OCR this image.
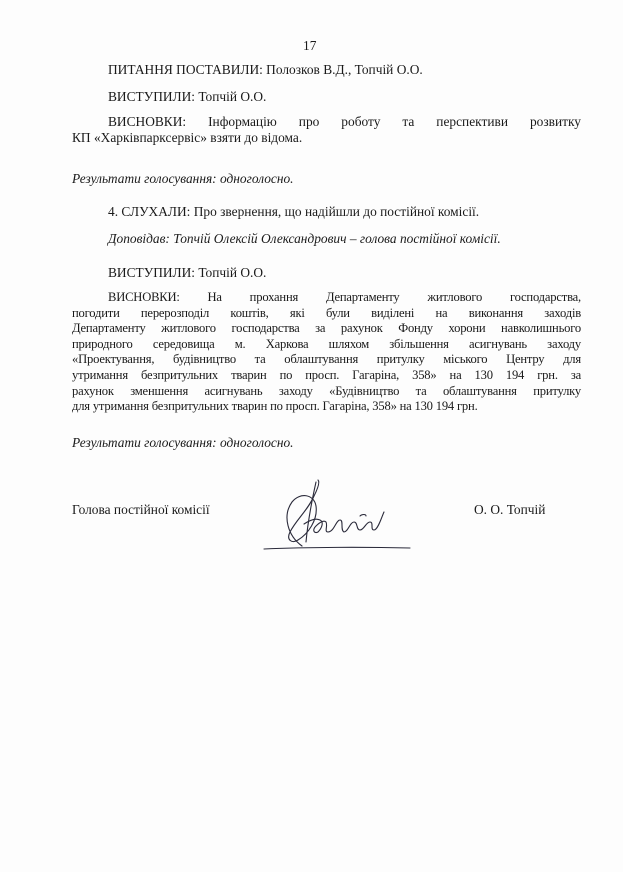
17
ПИТАННЯ ПОСТАВИЛИ: Полозков В.Д., Топчій О.О.
ВИСТУПИЛИ: Топчій О.О.
ВИСНОВКИ: Інформацію про роботу та перспективи розвитку
КП «Харківпарксервіс» взяти до відома.
Результати голосування: одноголосно.
4. СЛУХАЛИ: Про звернення, що надійшли до постійної комісії.
Доповідав: Топчій Олексій Олександрович – голова постійної комісії.
ВИСТУПИЛИ: Топчій О.О.
ВИСНОВКИ: На прохання Департаменту житлового господарства,
погодити перерозподіл коштів, які були виділені на виконання заходів
Департаменту житлового господарства за рахунок Фонду хорони навколишнього
природного середовища м. Харкова шляхом збільшення асигнувань заходу
«Проектування, будівництво та облаштування притулку міського Центру для
утримання безпритульних тварин по просп. Гагаріна, 358» на 130 194 грн. за
рахунок зменшення асигнувань заходу «Будівництво та облаштування притулку
для утримання безпритульних тварин по просп. Гагаріна, 358» на 130 194 грн.
Результати голосування: одноголосно.
Голова постійної комісії	О. О. Топчій
